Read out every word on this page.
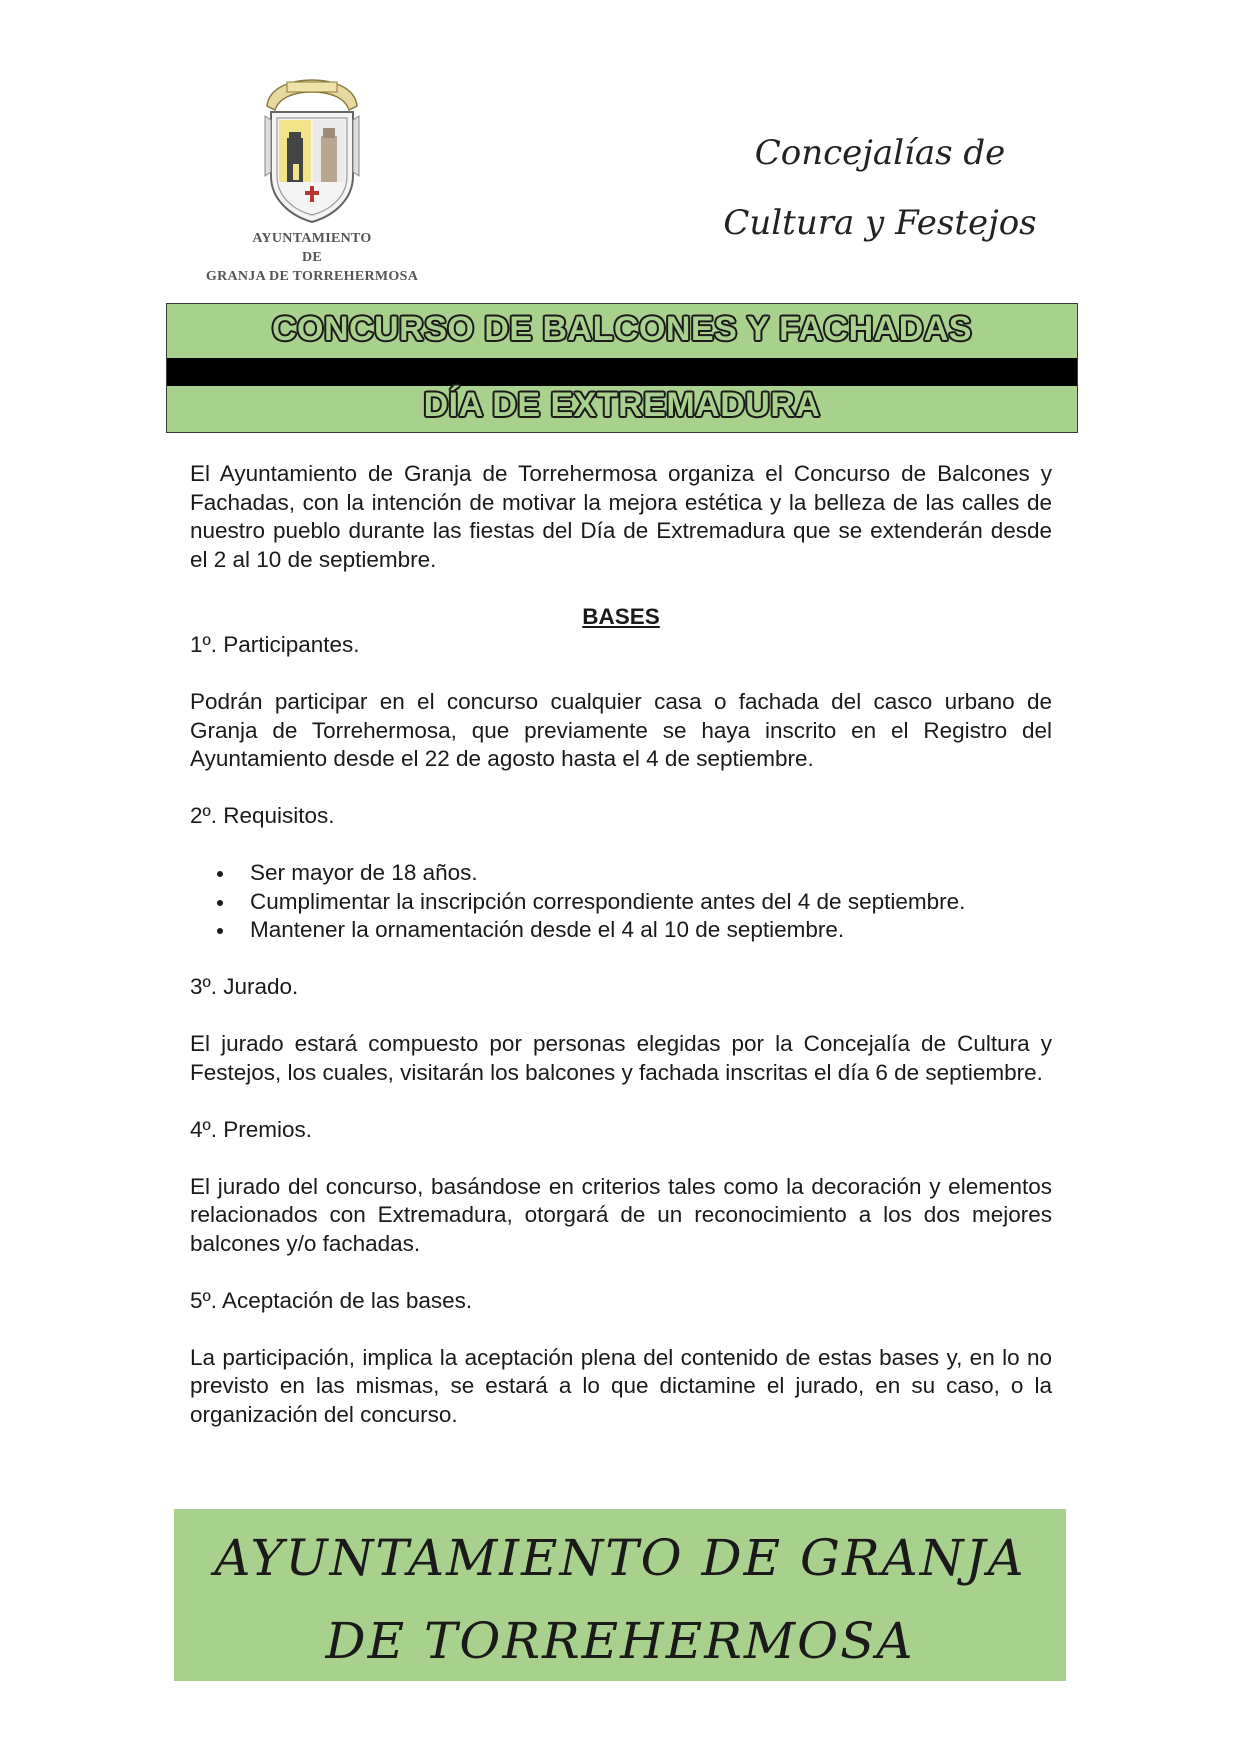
AYUNTAMIENTO
DE
GRANJA DE TORREHERMOSA
Concejalías de
Cultura y Festejos
CONCURSO DE BALCONES Y FACHADAS
DÍA DE EXTREMADURA

El Ayuntamiento de Granja de Torrehermosa organiza el Concurso de Balcones y Fachadas, con la intención de motivar la mejora estética y la belleza de las calles de nuestro pueblo durante las fiestas del Día de Extremadura que se extenderán desde el 2 al 10 de septiembre.

BASES

1º. Participantes.

Podrán participar en el concurso cualquier casa o fachada del casco urbano de Granja de Torrehermosa, que previamente se haya inscrito en el Registro del Ayuntamiento desde el 22 de agosto hasta el 4 de septiembre.

2º. Requisitos.

Ser mayor de 18 años.
Cumplimentar la inscripción correspondiente antes del 4 de septiembre.
Mantener la ornamentación desde el 4 al 10 de septiembre.

3º. Jurado.

El jurado estará compuesto por personas elegidas por la Concejalía de Cultura y Festejos, los cuales, visitarán los balcones y fachada inscritas el día 6 de septiembre.

4º. Premios.

El jurado del concurso, basándose en criterios tales como la decoración y elementos relacionados con Extremadura, otorgará de un reconocimiento a los dos mejores balcones y/o fachadas.

5º. Aceptación de las bases.

La participación, implica la aceptación plena del contenido de estas bases y, en lo no previsto en las mismas, se estará a lo que dictamine el jurado, en su caso, o la organización del concurso.

AYUNTAMIENTO DE GRANJA
DE TORREHERMOSA
